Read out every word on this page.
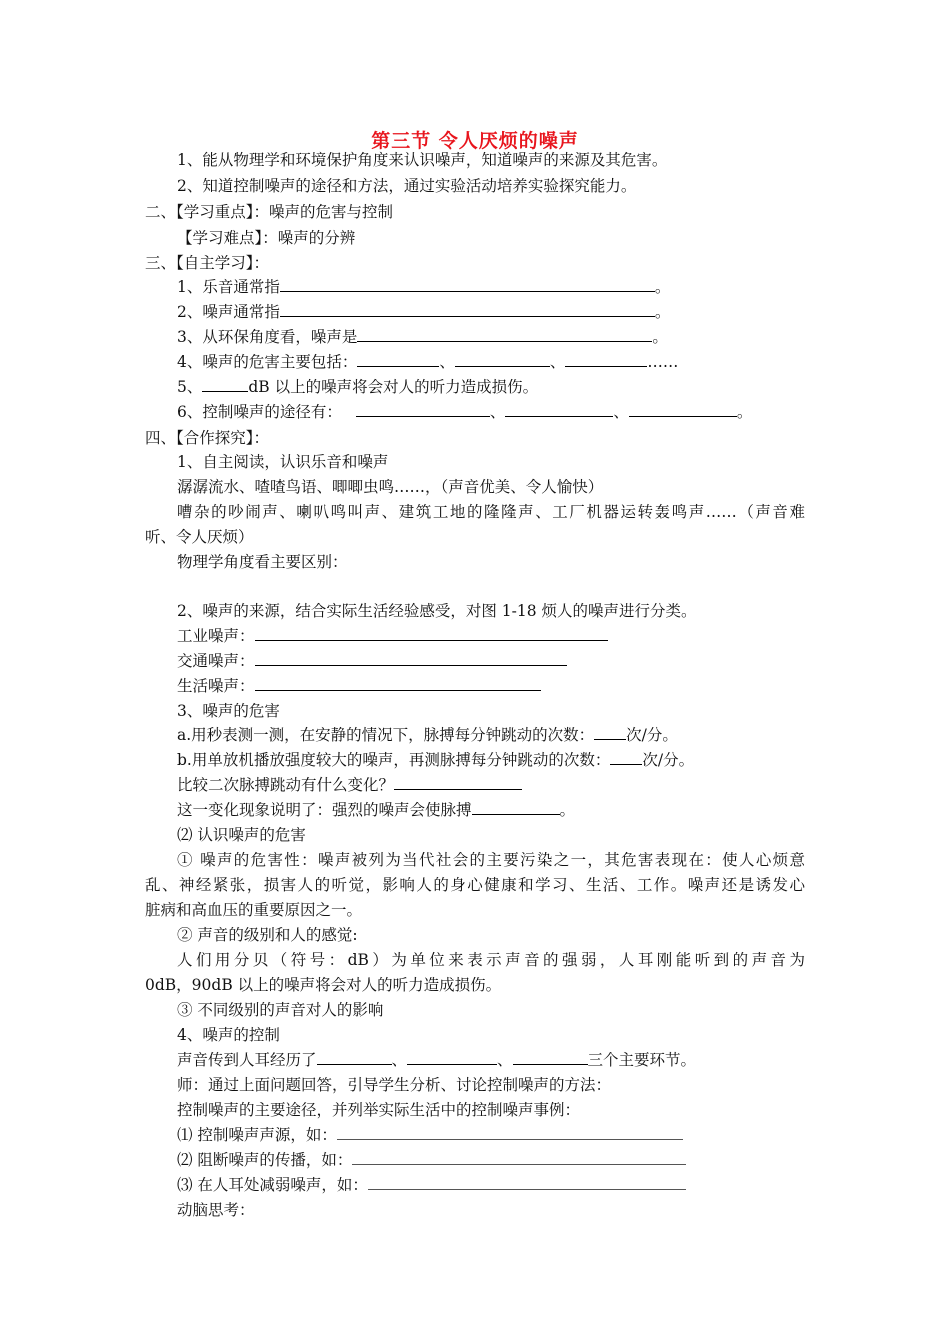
第三节 令人厌烦的噪声
1、能从物理学和环境保护角度来认识噪声，知道噪声的来源及其危害。
2、知道控制噪声的途径和方法，通过实验活动培养实验探究能力。
二、【学习重点】：噪声的危害与控制
【学习难点】：噪声的分辨
三、【自主学习】：
1、乐音通常指	。
2、噪声通常指	。
3、从环保角度看，噪声是	。
4、噪声的危害主要包括：	、	、	……
5、	dB 以上的噪声将会对人的听力造成损伤。
6、控制噪声的途径有：	、	、	。
四、【合作探究】：
1、自主阅读，认识乐音和噪声
潺潺流水、喳喳鸟语、唧唧虫鸣……，（声音优美、令人愉快）
嘈杂的吵闹声、喇叭鸣叫声、建筑工地的隆隆声、工厂机器运转轰鸣声……（声音难
听、令人厌烦）
物理学角度看主要区别：
2、噪声的来源，结合实际生活经验感受，对图 1-18 烦人的噪声进行分类。
工业噪声：
交通噪声：
生活噪声：
3、噪声的危害
a.用秒表测一测，在安静的情况下，脉搏每分钟跳动的次数： 次/分。
b.用单放机播放强度较大的噪声，再测脉搏每分钟跳动的次数： 次/分。
比较二次脉搏跳动有什么变化？
这一变化现象说明了：强烈的噪声会使脉搏	。
⑵ 认识噪声的危害
① 噪声的危害性：噪声被列为当代社会的主要污染之一，其危害表现在：使人心烦意
乱、神经紧张，损害人的听觉，影响人的身心健康和学习、生活、工作。噪声还是诱发心
脏病和高血压的重要原因之一。
② 声音的级别和人的感觉:
人们用分贝（符号：dB）为单位来表示声音的强弱，人耳刚能听到的声音为
0dB，90dB 以上的噪声将会对人的听力造成损伤。
③ 不同级别的声音对人的影响
4、噪声的控制
声音传到人耳经历了	、	、	三个主要环节。
师：通过上面问题回答，引导学生分析、讨论控制噪声的方法：
控制噪声的主要途径，并列举实际生活中的控制噪声事例：
⑴ 控制噪声声源，如：
⑵ 阻断噪声的传播，如：
⑶ 在人耳处减弱噪声，如：
动脑思考：
